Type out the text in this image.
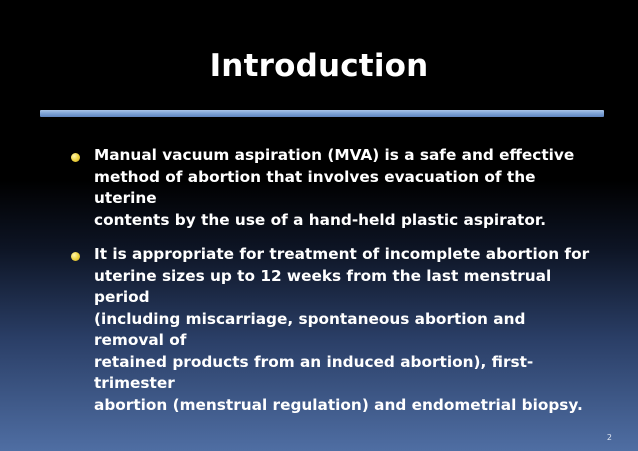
Introduction
Manual vacuum aspiration (MVA) is a safe and effective
method of abortion that involves evacuation of the uterine
contents by the use of a hand-held plastic aspirator.
It is appropriate for treatment of incomplete abortion for
uterine sizes up to 12 weeks from the last menstrual period
(including miscarriage, spontaneous abortion and removal of
retained products from an induced abortion), first-trimester
abortion (menstrual regulation) and endometrial biopsy.
2
